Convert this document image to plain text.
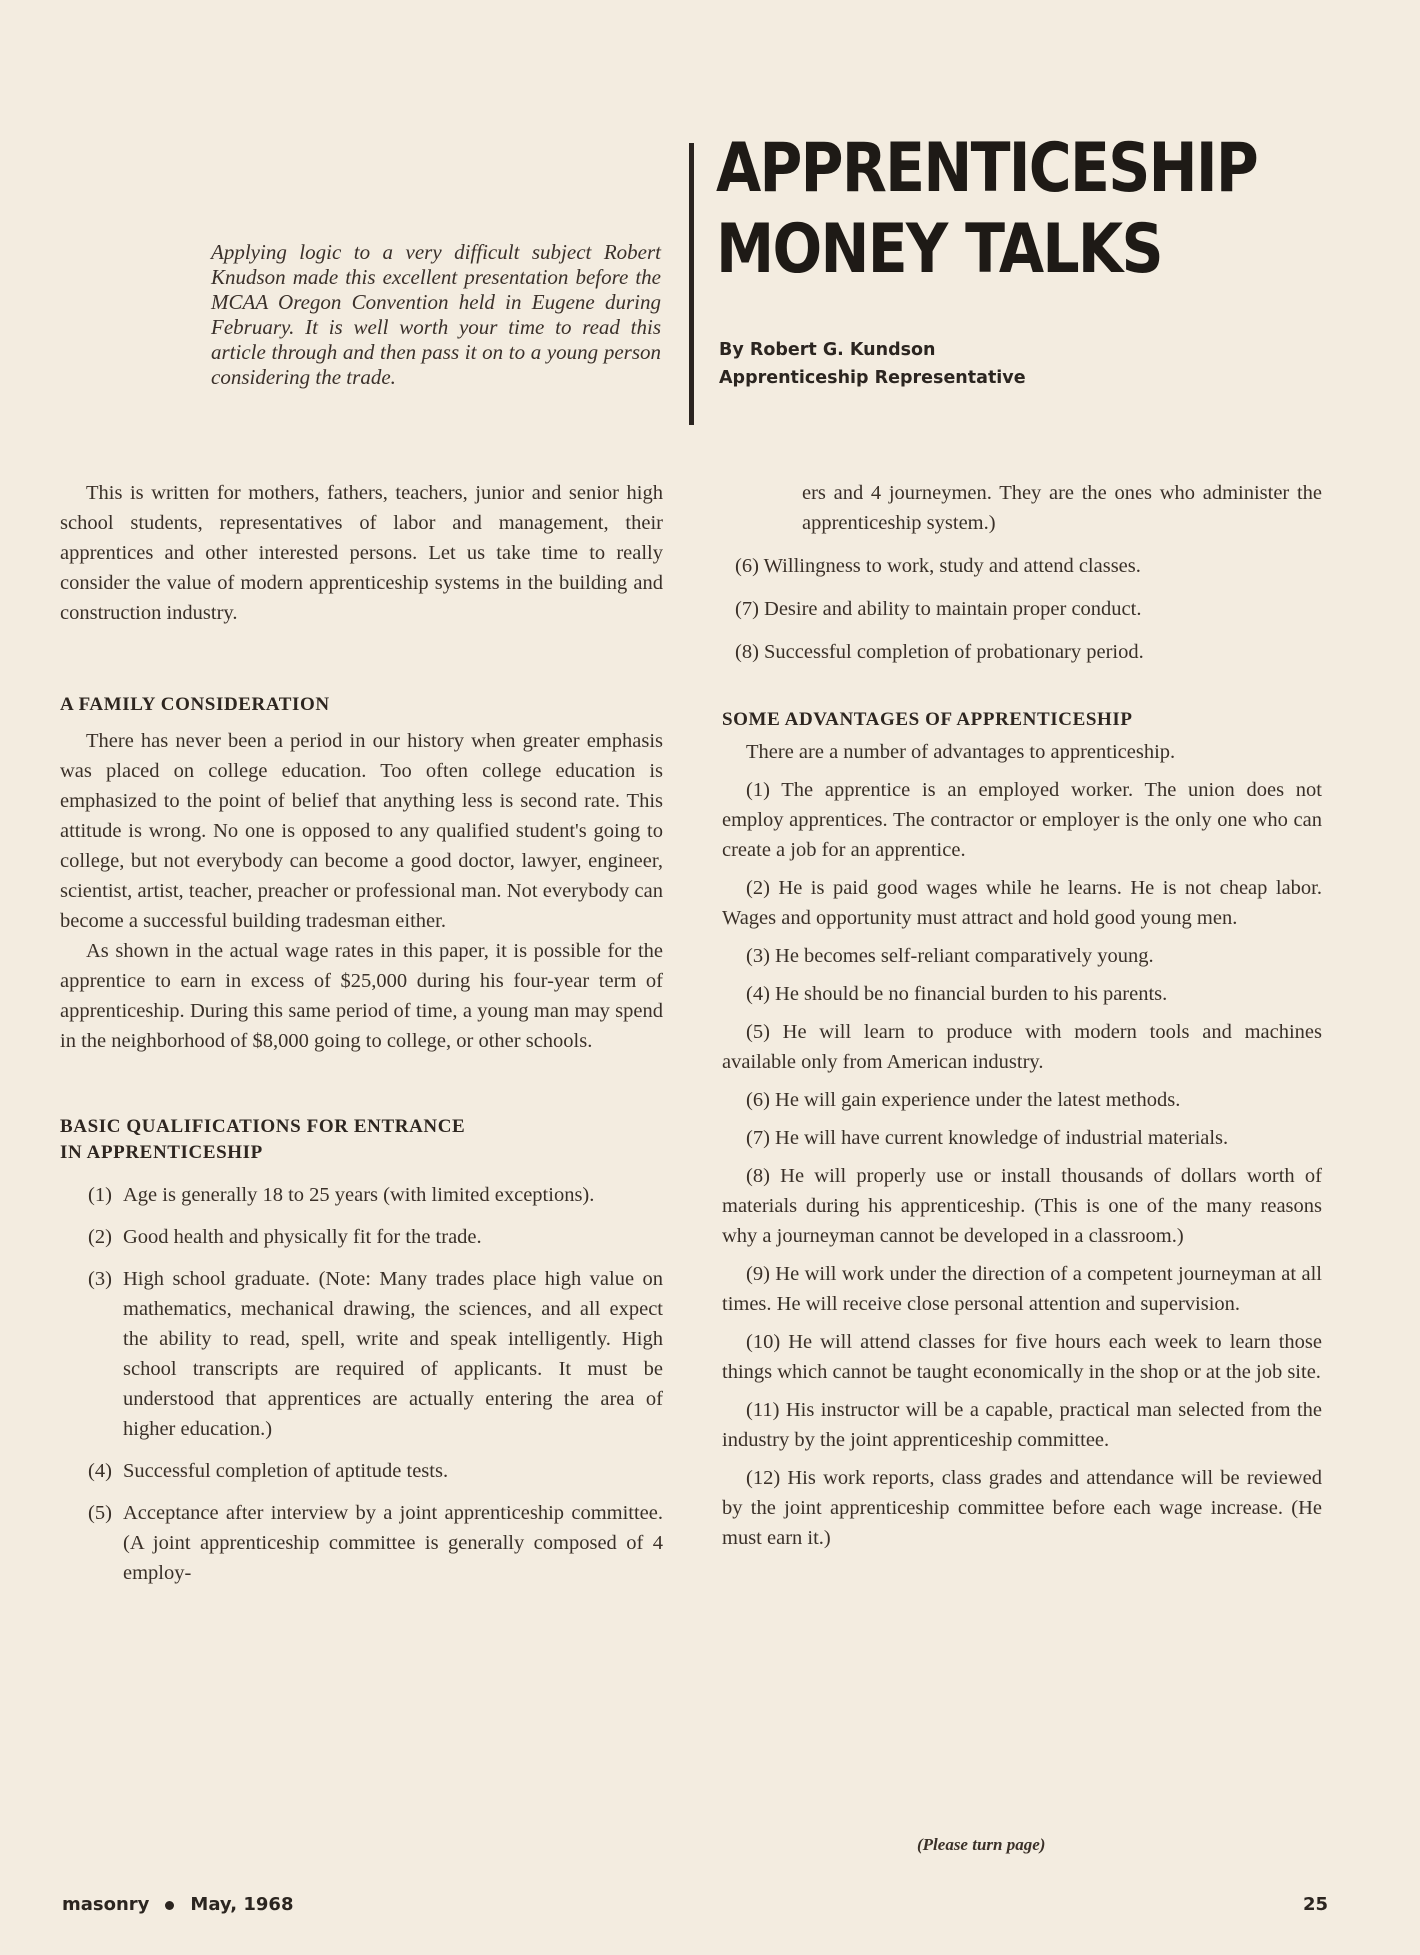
Applying logic to a very difficult subject Robert Knudson made this excellent presentation before the MCAA Oregon Convention held in Eugene during February. It is well worth your time to read this article through and then pass it on to a young person considering the trade.
APPRENTICESHIP
MONEY TALKS
By Robert G. Kundson
Apprenticeship Representative

This is written for mothers, fathers, teachers, junior and senior high school students, representatives of labor and management, their apprentices and other interested persons. Let us take time to really consider the value of modern apprenticeship systems in the building and construction industry.

A FAMILY CONSIDERATION

There has never been a period in our history when greater emphasis was placed on college education. Too often college education is emphasized to the point of belief that anything less is second rate. This attitude is wrong. No one is opposed to any qualified student's going to college, but not everybody can become a good doctor, lawyer, engineer, scientist, artist, teacher, preacher or professional man. Not everybody can become a successful building tradesman either.

As shown in the actual wage rates in this paper, it is possible for the apprentice to earn in excess of $25,000 during his four-year term of apprenticeship. During this same period of time, a young man may spend in the neighborhood of $8,000 going to college, or other schools.

BASIC QUALIFICATIONS FOR ENTRANCE

IN APPRENTICESHIP

(1) Age is generally 18 to 25 years (with limited exceptions).

(2) Good health and physically fit for the trade.

(3) High school graduate. (Note: Many trades place high value on mathematics, mechanical drawing, the sciences, and all expect the ability to read, spell, write and speak intelligently. High school transcripts are required of applicants. It must be understood that apprentices are actually entering the area of higher education.)

(4) Successful completion of aptitude tests.

(5) Acceptance after interview by a joint apprenticeship committee. (A joint apprenticeship committee is generally composed of 4 employ-

ers and 4 journeymen. They are the ones who administer the apprenticeship system.)

(6) Willingness to work, study and attend classes.

(7) Desire and ability to maintain proper conduct.

(8) Successful completion of probationary period.

SOME ADVANTAGES OF APPRENTICESHIP

There are a number of advantages to apprenticeship.

(1) The apprentice is an employed worker. The union does not employ apprentices. The contractor or employer is the only one who can create a job for an apprentice.

(2) He is paid good wages while he learns. He is not cheap labor. Wages and opportunity must attract and hold good young men.

(3) He becomes self-reliant comparatively young.

(4) He should be no financial burden to his parents.

(5) He will learn to produce with modern tools and machines available only from American industry.

(6) He will gain experience under the latest methods.

(7) He will have current knowledge of industrial materials.

(8) He will properly use or install thousands of dollars worth of materials during his apprenticeship. (This is one of the many reasons why a journeyman cannot be developed in a classroom.)

(9) He will work under the direction of a competent journeyman at all times. He will receive close personal attention and supervision.

(10) He will attend classes for five hours each week to learn those things which cannot be taught economically in the shop or at the job site.

(11) His instructor will be a capable, practical man selected from the industry by the joint apprenticeship committee.

(12) His work reports, class grades and attendance will be reviewed by the joint apprenticeship committee before each wage increase. (He must earn it.)

(Please turn page)
masonry May, 1968	25
